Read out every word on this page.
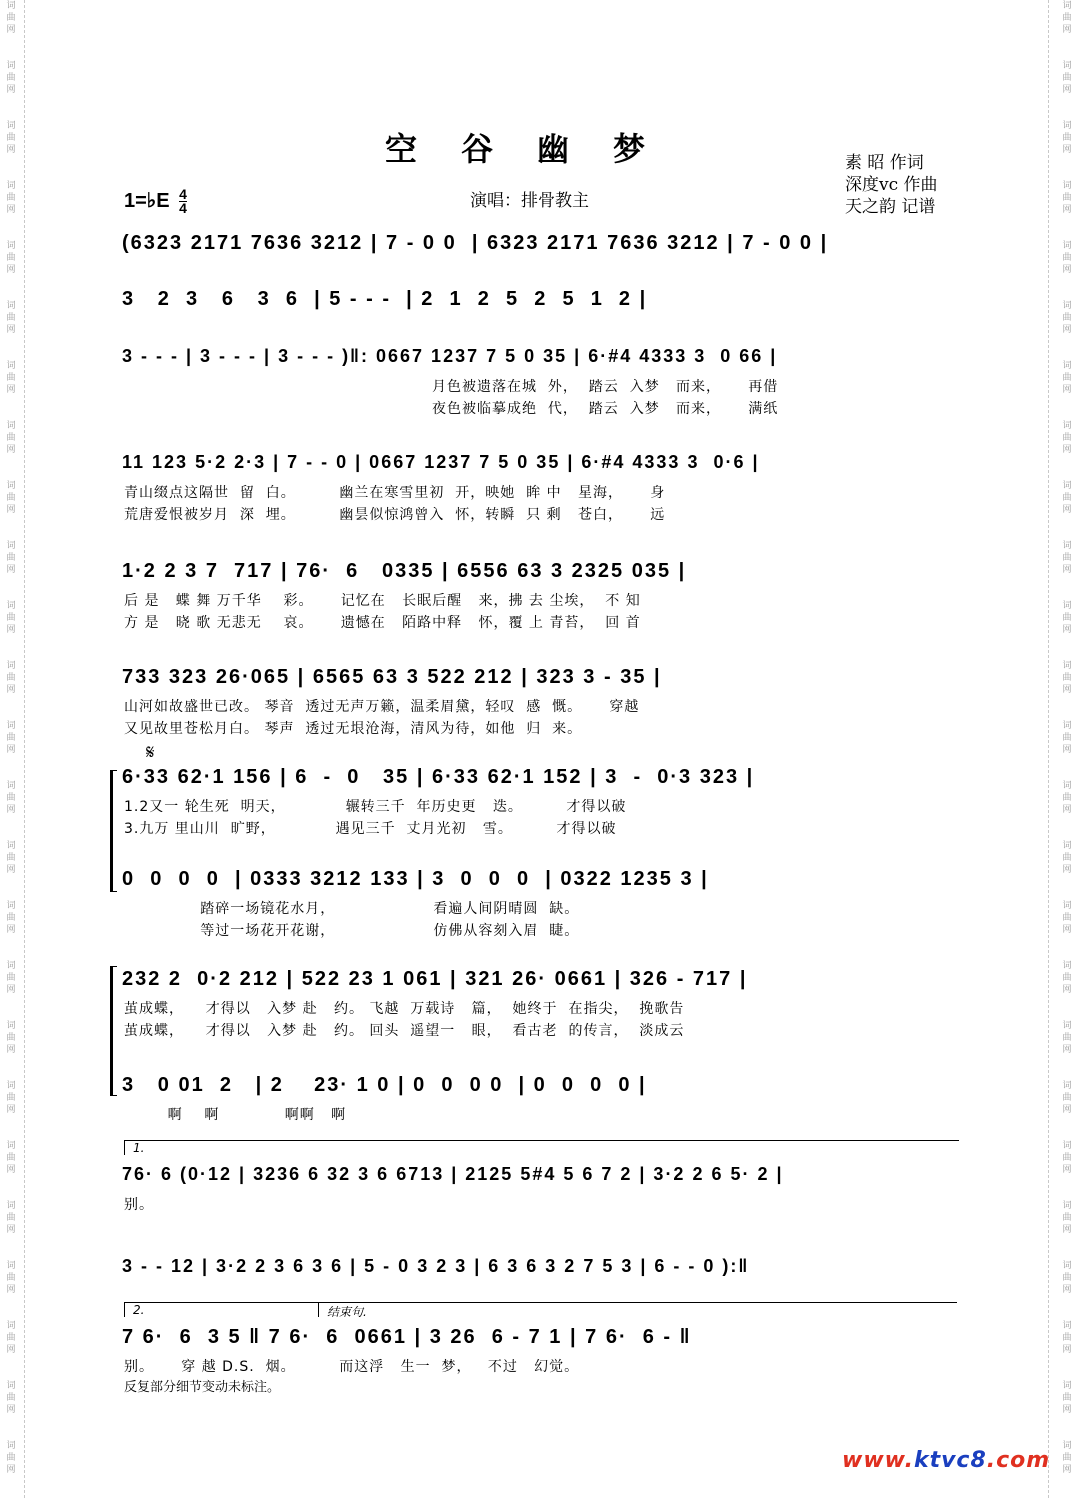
词
曲
网
词
曲
网
词
曲
网
词
曲
网
词
曲
网
词
曲
网
词
曲
网
词
曲
网
词
曲
网
词
曲
网
词
曲
网
词
曲
网
词
曲
网
词
曲
网
词
曲
网
词
曲
网
词
曲
网
词
曲
网
词
曲
网
词
曲
网
词
曲
网
词
曲
网
词
曲
网
词
曲
网
词
曲
网
词
曲
网
词
曲
网
词
曲
网
词
曲
网
词
曲
网
词
曲
网
词
曲
网
词
曲
网
词
曲
网
词
曲
网
词
曲
网
词
曲
网
词
曲
网
词
曲
网
词
曲
网
词
曲
网
词
曲
网
词
曲
网
词
曲
网
词
曲
网
词
曲
网
词
曲
网
词
曲
网
词
曲
网
词
曲
网
空谷幽梦	素 昭 作词
深度vc 作曲
天之韵 记谱
1=♭E $\frac{4}{4}$	演唱：排骨教主
(6323 2171 7636 3212 | 7 - 0 0  | 6323 2171 7636 3212 | 7 - 0 0 |
3   2  3   6   3  6  | 5 - - -  | 2  1  2  5  2  5  1  2 |
3 - - - | 3 - - - | 3 - - - )‖: 0667 1237 7 5 0 35 | 6·#4 4333 3  0 66 |
月色被遗落在城  外，  踏云  入梦   而来，     再借
夜色被临摹成绝  代，  踏云  入梦   而来，     满纸
11 123 5·2 2·3 | 7 - - 0 | 0667 1237 7 5 0 35 | 6·#4 4333 3  0·6 |
青山缀点这隔世  留  白。        幽兰在寒雪里初  开，映她  眸 中   星海，     身
荒唐爱恨被岁月  深  埋。        幽昙似惊鸿曾入  怀，转瞬  只 剩   苍白，     远
1·2 2 3 7  717 | 76·  6   0335 | 6556 63 3 2325 035 |
后 是   蝶 舞 万千华    彩。     记忆在   长眠后醒   来，拂 去 尘埃，  不 知
方 是   晓 歌 无悲无    哀。     遗憾在   陌路中释   怀，覆 上 青苔，  回 首
733 323 26·065 | 6565 63 3 522 212 | 323 3 - 35 |
山河如故盛世已改。 琴音  透过无声万籁，温柔眉黛，轻叹  感  慨。     穿越
又见故里苍松月白。 琴声  透过无垠沧海，清风为待，如他  归  来。
6·33 62·1 156 | 6  -  0   35 | 6·33 62·1 152 | 3  -  0·3 323 |
1.2又一 轮生死  明天，           辗转三千  年历史更   迭。        才得以破
3.九万 里山川  旷野，           遇见三千  丈月光初   雪。        才得以破
0  0  0  0  | 0333 3212 133 | 3  0  0  0  | 0322 1235 3 |
踏碎一场镜花水月，                  看遍人间阴晴圆  缺。
等过一场花开花谢，                  仿佛从容刻入眉  睫。
232 2  0·2 212 | 522 23 1 061 | 321 26· 0661 | 326 - 717 |
茧成蝶，    才得以   入梦 赴   约。 飞越  万载诗   篇，  她终于  在指尖，  挽歌告
茧成蝶，    才得以   入梦 赴   约。 回头  遥望一   眼，  看古老  的传言，  淡成云
3   0 01  2   | 2    23· 1 0 | 0  0  0 0  | 0  0  0  0 |
啊    啊            啊啊   啊
76· 6 (0·12 | 3236 6 32 3 6 6713 | 2125 5#4 5 6 7 2 | 3·2 2 6 5· 2 |
别。
3 - - 12 | 3·2 2 3 6 3 6 | 5 - 0 3 2 3 | 6 3 6 3 2 7 5 3 | 6 - - 0 ):‖
7 6·  6  3 5 ‖ 7 6·  6  0661 | 3 26  6 - 7 1 | 7 6·  6 - ‖
别。     穿 越 D.S.  烟。        而这浮   生一  梦，   不过   幻觉。
𝄋
1.
2.	结束句.
反复部分细节变动未标注。
www.ktvc8.com
